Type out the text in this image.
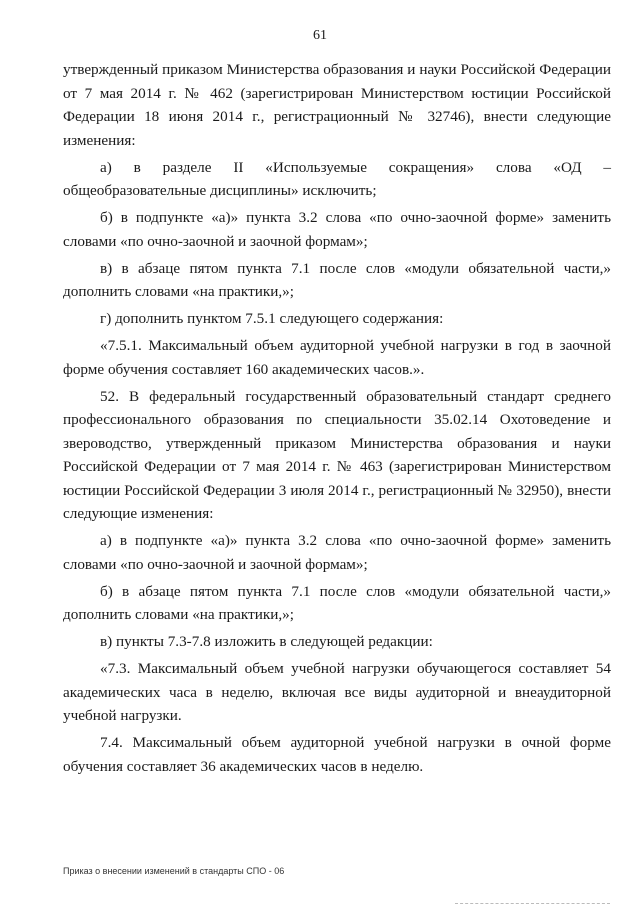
61

утвержденный приказом Министерства образования и науки Российской Федерации от 7 мая 2014 г. № 462 (зарегистрирован Министерством юстиции Российской Федерации 18 июня 2014 г., регистрационный № 32746), внести следующие изменения:

а) в разделе II «Используемые сокращения» слова «ОД – общеобразовательные дисциплины» исключить;

б) в подпункте «а)» пункта 3.2 слова «по очно-заочной форме» заменить словами «по очно-заочной и заочной формам»;

в) в абзаце пятом пункта 7.1 после слов «модули обязательной части,» дополнить словами «на практики,»;

г) дополнить пунктом 7.5.1 следующего содержания:

«7.5.1. Максимальный объем аудиторной учебной нагрузки в год в заочной форме обучения составляет 160 академических часов.».

52. В федеральный государственный образовательный стандарт среднего профессионального образования по специальности 35.02.14 Охотоведение и звероводство, утвержденный приказом Министерства образования и науки Российской Федерации от 7 мая 2014 г. № 463 (зарегистрирован Министерством юстиции Российской Федерации 3 июля 2014 г., регистрационный № 32950), внести следующие изменения:

а) в подпункте «а)» пункта 3.2 слова «по очно-заочной форме» заменить словами «по очно-заочной и заочной формам»;

б) в абзаце пятом пункта 7.1 после слов «модули обязательной части,» дополнить словами «на практики,»;

в) пункты 7.3-7.8 изложить в следующей редакции:

«7.3. Максимальный объем учебной нагрузки обучающегося составляет 54 академических часа в неделю, включая все виды аудиторной и внеаудиторной учебной нагрузки.

7.4. Максимальный объем аудиторной учебной нагрузки в очной форме обучения составляет 36 академических часов в неделю.

Приказ о внесении изменений в стандарты СПО - 06
